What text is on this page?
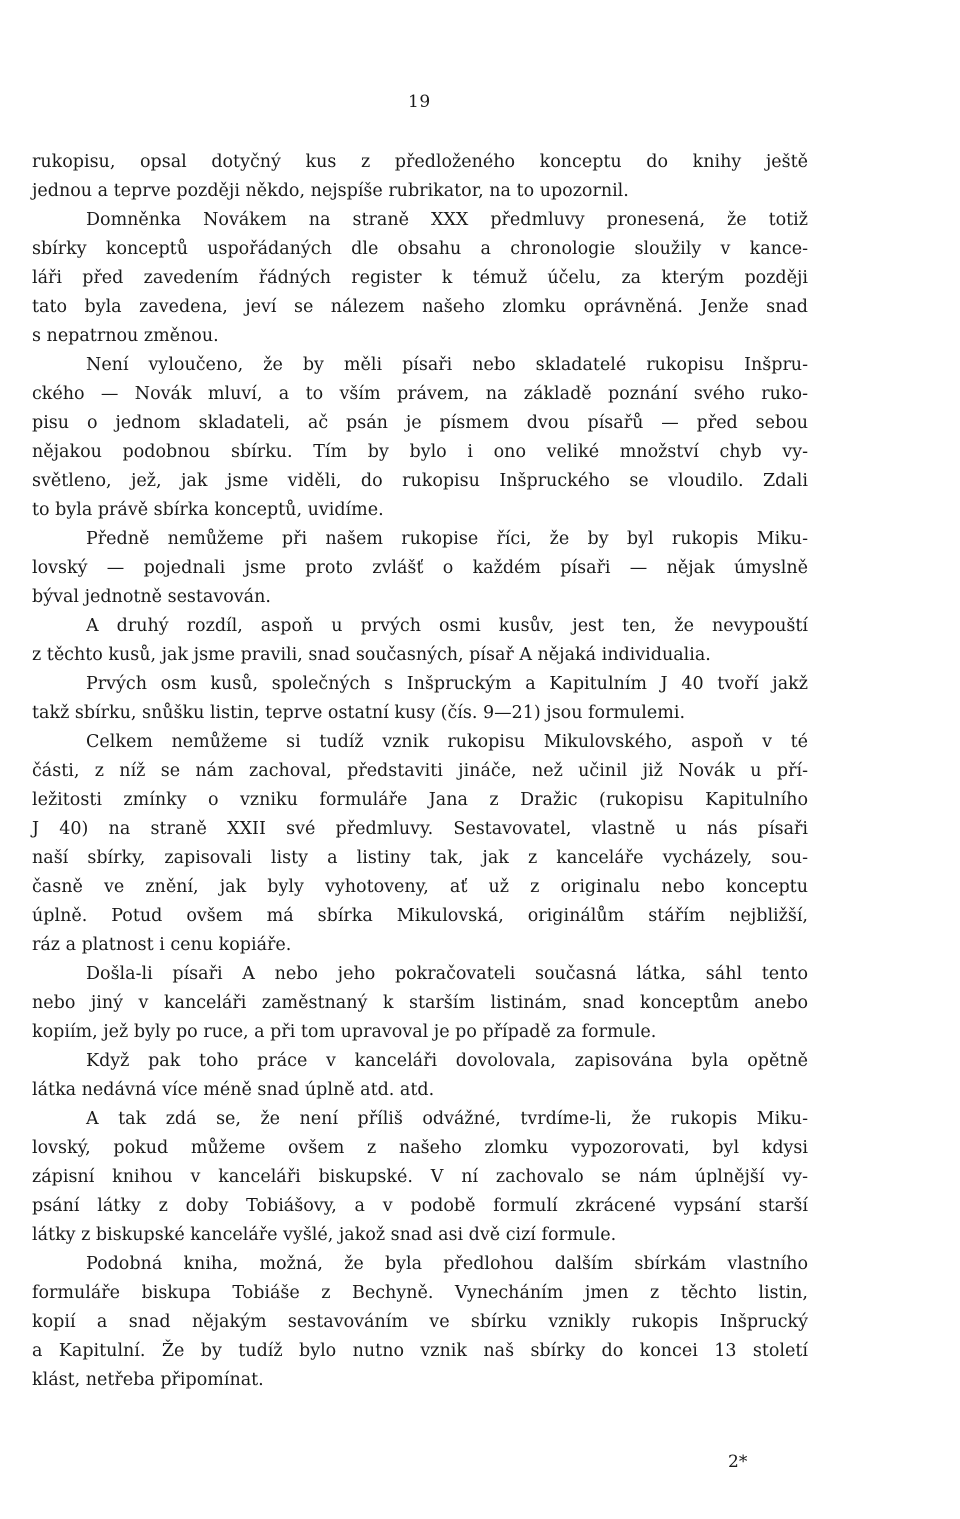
19
rukopisu, opsal dotyčný kus z předloženého konceptu do knihy ještě
jednou a teprve později někdo, nejspíše rubrikator, na to upozornil.
Domněnka Novákem na straně XXX předmluvy pronesená, že totiž
sbírky konceptů uspořádaných dle obsahu a chronologie sloužily v kance-
láři před zavedením řádných register k témuž účelu, za kterým později
tato byla zavedena, jeví se nálezem našeho zlomku oprávněná. Jenže snad
s nepatrnou změnou.
Není vyloučeno, že by měli písaři nebo skladatelé rukopisu Inšpru-
ckého — Novák mluví, a to vším právem, na základě poznání svého ruko-
pisu o jednom skladateli, ač psán je písmem dvou písařů — před sebou
nějakou podobnou sbírku. Tím by bylo i ono veliké množství chyb vy-
světleno, jež, jak jsme viděli, do rukopisu Inšpruckého se vloudilo. Zdali
to byla právě sbírka konceptů, uvidíme.
Předně nemůžeme při našem rukopise říci, že by byl rukopis Miku-
lovský — pojednali jsme proto zvlášť o každém písaři — nějak úmyslně
býval jednotně sestavován.
A druhý rozdíl, aspoň u prvých osmi kusův, jest ten, že nevypouští
z těchto kusů, jak jsme pravili, snad současných, písař A nějaká individualia.
Prvých osm kusů, společných s Inšpruckým a Kapitulním J 40 tvoří jakž
takž sbírku, snůšku listin, teprve ostatní kusy (čís. 9—21) jsou formulemi.
Celkem nemůžeme si tudíž vznik rukopisu Mikulovského, aspoň v té
části, z níž se nám zachoval, představiti jináče, než učinil již Novák u pří-
ležitosti zmínky o vzniku formuláře Jana z Dražic (rukopisu Kapitulního
J 40) na straně XXII své předmluvy. Sestavovatel, vlastně u nás písaři
naší sbírky, zapisovali listy a listiny tak, jak z kanceláře vycházely, sou-
časně ve znění, jak byly vyhotoveny, ať už z originalu nebo konceptu
úplně. Potud ovšem má sbírka Mikulovská, originálům stářím nejbližší,
ráz a platnost i cenu kopiáře.
Došla-li písaři A nebo jeho pokračovateli současná látka, sáhl tento
nebo jiný v kanceláři zaměstnaný k starším listinám, snad konceptům anebo
kopiím, jež byly po ruce, a při tom upravoval je po případě za formule.
Když pak toho práce v kanceláři dovolovala, zapisována byla opětně
látka nedávná více méně snad úplně atd. atd.
A tak zdá se, že není příliš odvážné, tvrdíme-li, že rukopis Miku-
lovský, pokud můžeme ovšem z našeho zlomku vypozorovati, byl kdysi
zápisní knihou v kanceláři biskupské. V ní zachovalo se nám úplnější vy-
psání látky z doby Tobiášovy, a v podobě formulí zkrácené vypsání starší
látky z biskupské kanceláře vyšlé, jakož snad asi dvě cizí formule.
Podobná kniha, možná, že byla předlohou dalším sbírkám vlastního
formuláře biskupa Tobiáše z Bechyně. Vynecháním jmen z těchto listin,
kopií a snad nějakým sestavováním ve sbírku vznikly rukopis Inšprucký
a Kapitulní. Že by tudíž bylo nutno vznik naš sbírky do koncei 13 století
klást, netřeba připomínat.
2*
